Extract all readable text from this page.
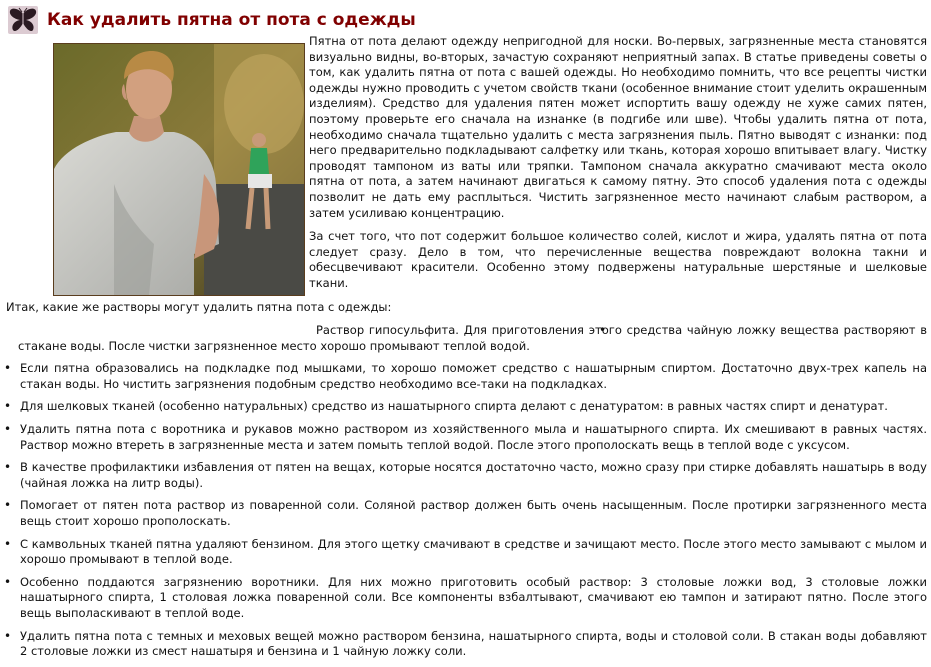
Как удалить пятна от пота с одежды

Пятна от пота делают одежду непригодной для носки. Во-первых, загрязненные места становятся визуально видны, во-вторых, зачастую сохраняют неприятный запах. В статье приведены советы о том, как удалить пятна от пота с вашей одежды. Но необходимо помнить, что все рецепты чистки одежды нужно проводить с учетом свойств ткани (особенное внимание стоит уделить окрашенным изделиям). Средство для удаления пятен может испортить вашу одежду не хуже самих пятен, поэтому проверьте его сначала на изнанке (в подгибе или шве). Чтобы удалить пятна от пота, необходимо сначала тщательно удалить с места загрязнения пыль. Пятно выводят с изнанки: под него предварительно подкладывают салфетку или ткань, которая хорошо впитывает влагу. Чистку проводят тампоном из ваты или тряпки. Тампоном сначала аккуратно смачивают места около пятна от пота, а затем начинают двигаться к самому пятну. Это способ удаления пота с одежды позволит не дать ему расплыться. Чистить загрязненное место начинают слабым раствором, а затем усиливаю концентрацию.

За счет того, что пот содержит большое количество солей, кислот и жира, удалять пятна от пота следует сразу. Дело в том, что перечисленные вещества повреждают волокна такни и обесцвечивают красители. Особенно этому подвержены натуральные шерстяные и шелковые ткани.

Итак, какие же растворы могут удалить пятна пота с одежды:

• Раствор гипосульфита. Для приготовления этого средства чайную ложку вещества растворяют в стакане воды. После чистки загрязненное место хорошо промывают теплой водой.
• Если пятна образовались на подкладке под мышками, то хорошо поможет средство с нашатырным спиртом. Достаточно двух-трех капель на стакан воды. Но чистить загрязнения подобным средство необходимо все-таки на подкладках.
• Для шелковых тканей (особенно натуральных) средство из нашатырного спирта делают с денатуратом: в равных частях спирт и денатурат.
• Удалить пятна пота с воротника и рукавов можно раствором из хозяйственного мыла и нашатырного спирта. Их смешивают в равных частях. Раствор можно втереть в загрязненные места и затем помыть теплой водой. После этого прополоскать вещь в теплой воде с уксусом.
• В качестве профилактики избавления от пятен на вещах, которые носятся достаточно часто, можно сразу при стирке добавлять нашатырь в воду (чайная ложка на литр воды).
• Помогает от пятен пота раствор из поваренной соли. Соляной раствор должен быть очень насыщенным. После протирки загрязненного места вещь стоит хорошо прополоскать.
• С камвольных тканей пятна удаляют бензином. Для этого щетку смачивают в средстве и зачищают место. После этого место замывают с мылом и хорошо промывают в теплой воде.
• Особенно поддаются загрязнению воротники. Для них можно приготовить особый раствор: 3 столовые ложки вод, 3 столовые ложки нашатырного спирта, 1 столовая ложка поваренной соли. Все компоненты взбалтывают, смачивают ею тампон и затирают пятно. После этого вещь выполаскивают в теплой воде.
• Удалить пятна пота с темных и меховых вещей можно раствором бензина, нашатырного спирта, воды и столовой соли. В стакан воды добавляют 2 столовые ложки из смест нашатыря и бензина и 1 чайную ложку соли.
